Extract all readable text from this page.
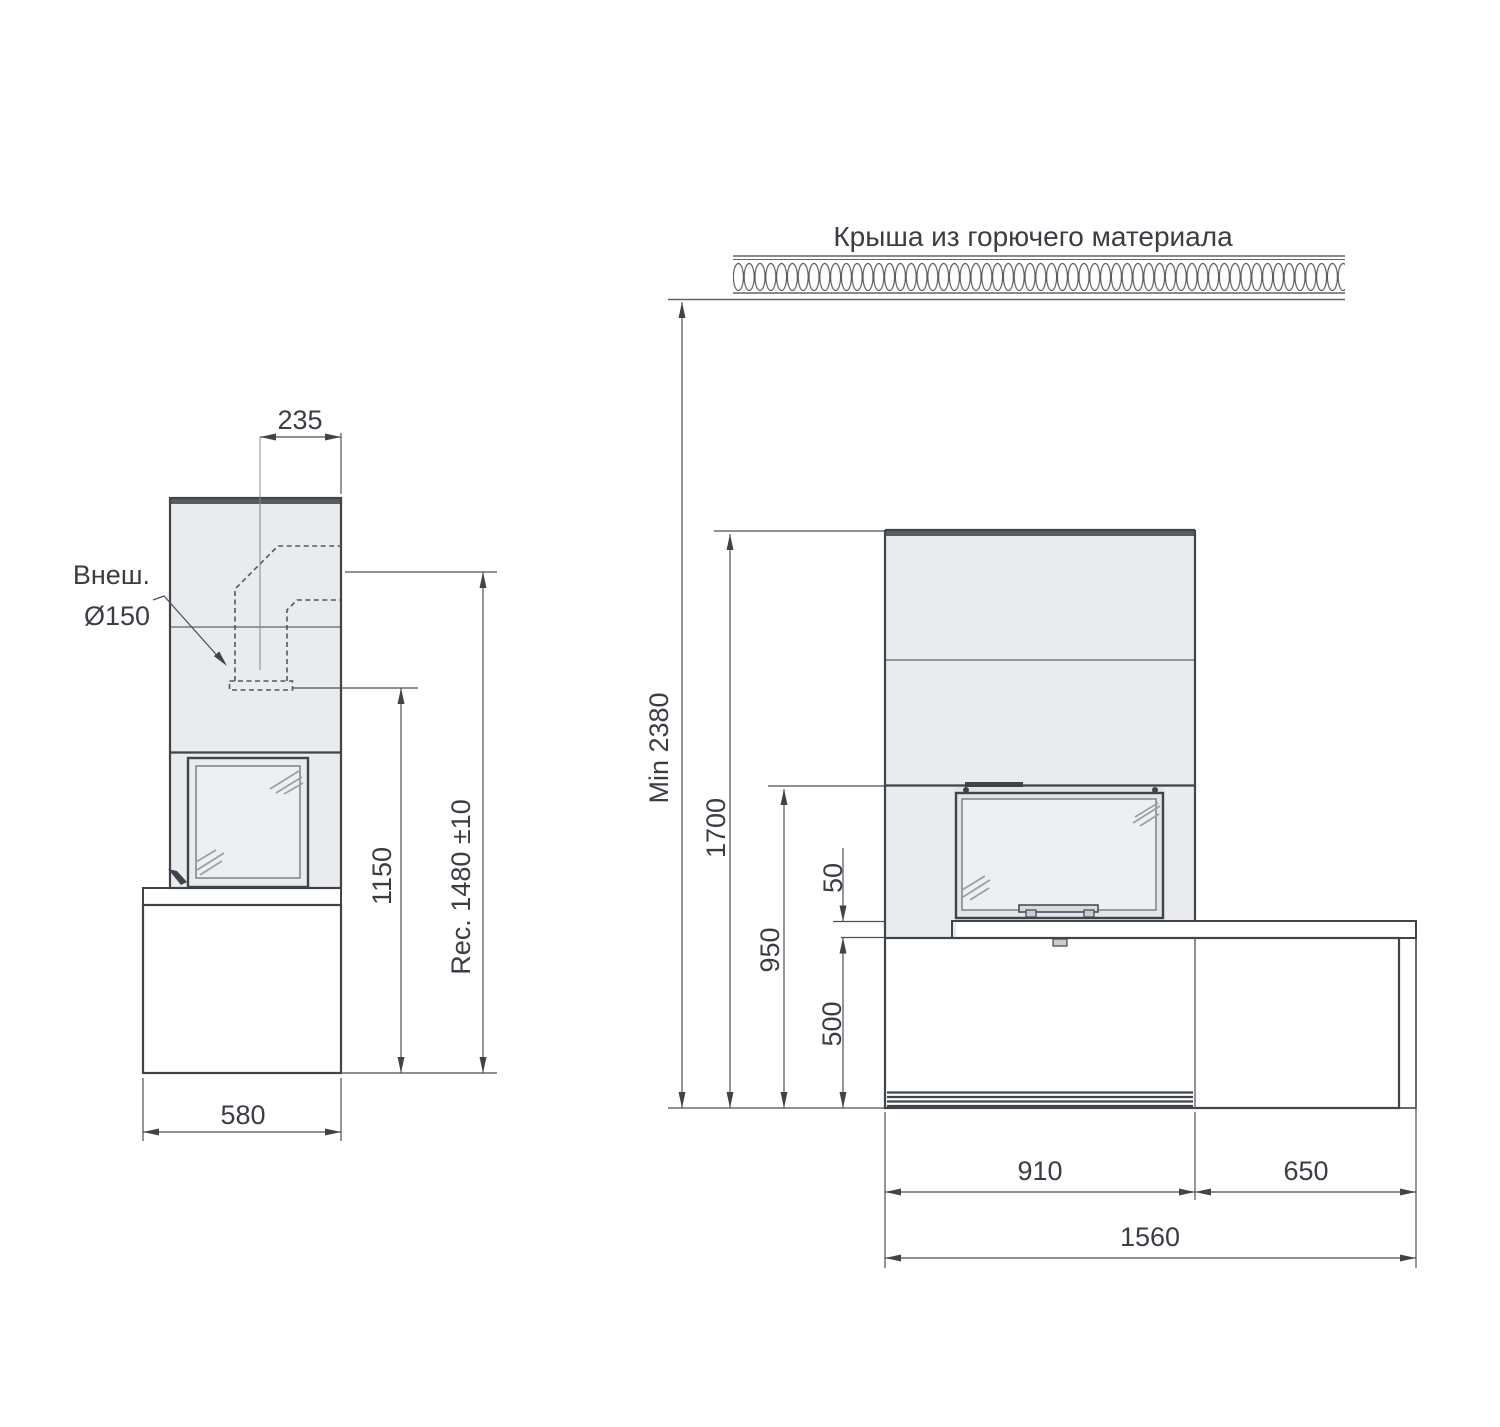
235
Внеш.
Ø150
1150 Rec. 1480 ±10
580
Крыша из горючего материала
Min 2380
1700
950
50
500
910	650
1560
